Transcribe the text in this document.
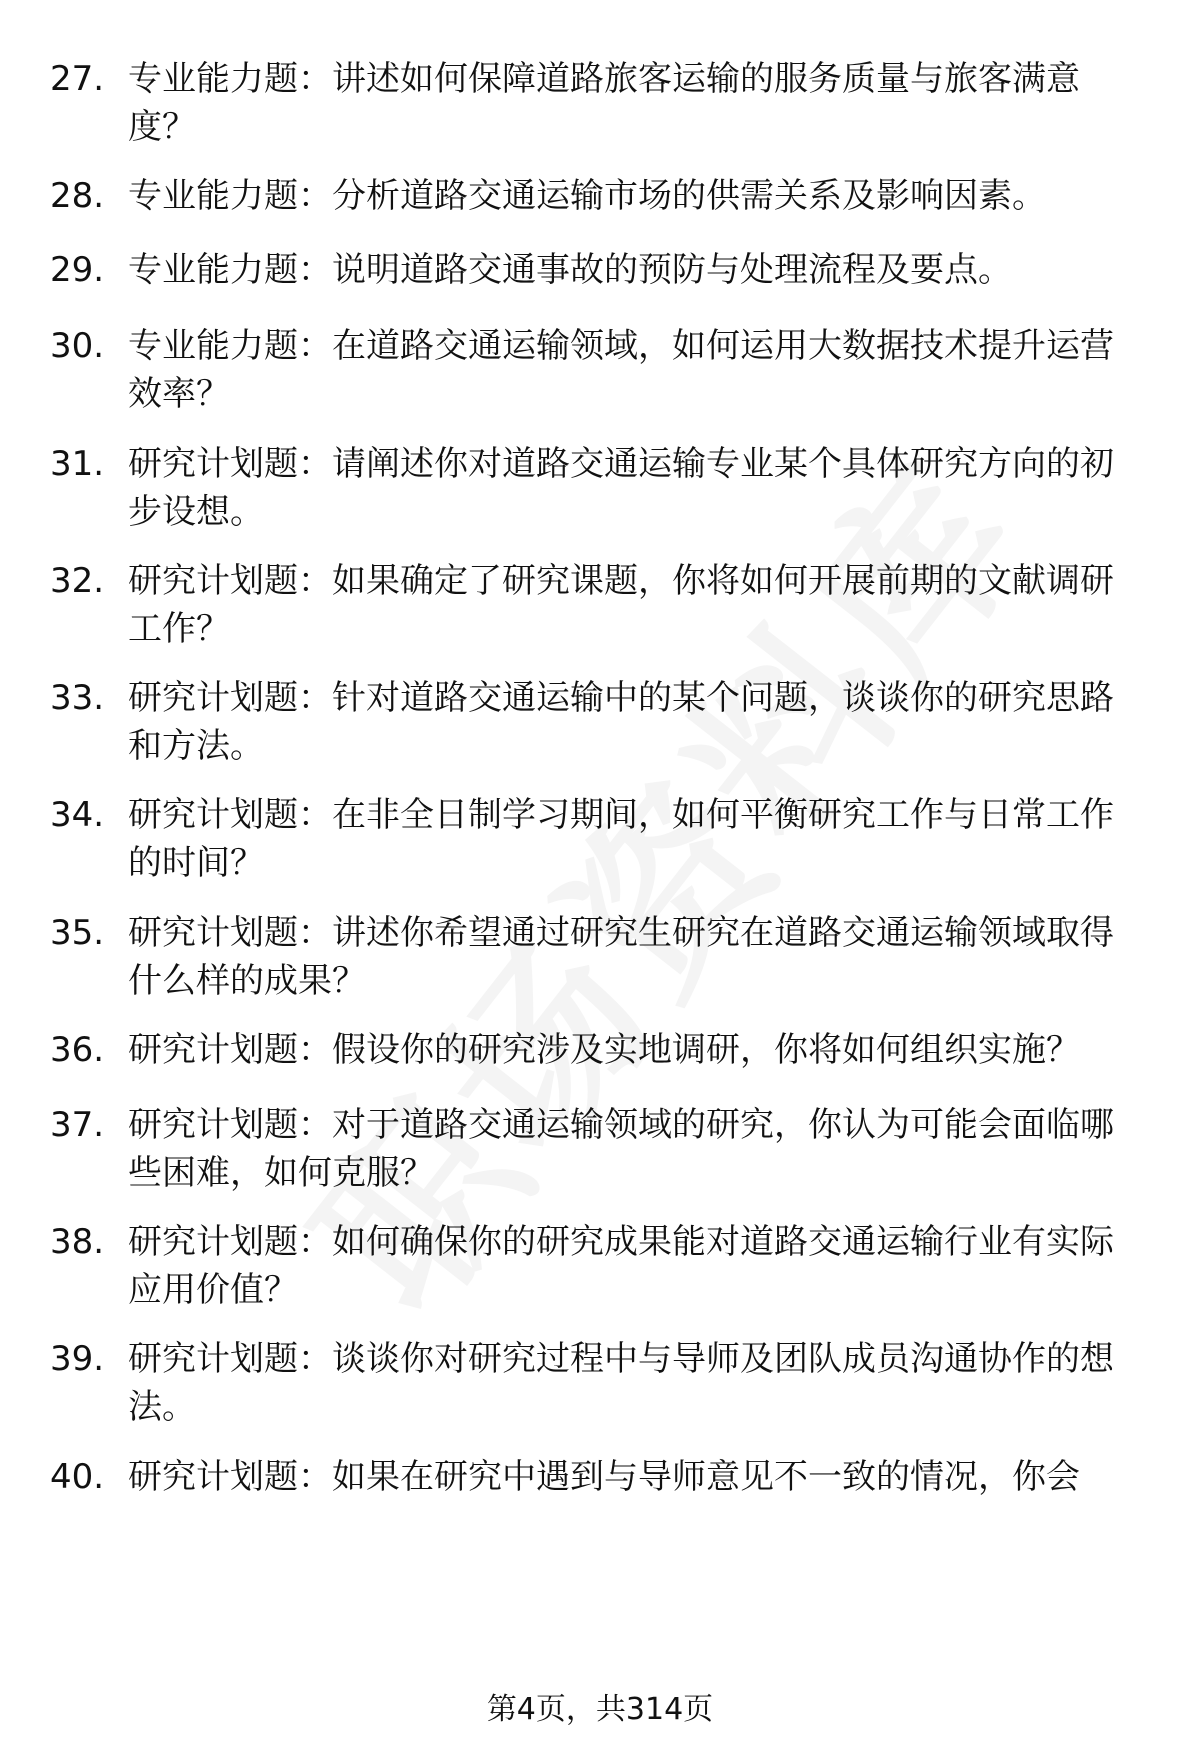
27. 专业能力题：讲述如何保障道路旅客运输的服务质量与旅客满意度？
28. 专业能力题：分析道路交通运输市场的供需关系及影响因素。
29. 专业能力题：说明道路交通事故的预防与处理流程及要点。
30. 专业能力题：在道路交通运输领域，如何运用大数据技术提升运营效率？
31. 研究计划题：请阐述你对道路交通运输专业某个具体研究方向的初步设想。
32. 研究计划题：如果确定了研究课题，你将如何开展前期的文献调研工作？
33. 研究计划题：针对道路交通运输中的某个问题，谈谈你的研究思路和方法。
34. 研究计划题：在非全日制学习期间，如何平衡研究工作与日常工作的时间？
35. 研究计划题：讲述你希望通过研究生研究在道路交通运输领域取得什么样的成果？
36. 研究计划题：假设你的研究涉及实地调研，你将如何组织实施？
37. 研究计划题：对于道路交通运输领域的研究，你认为可能会面临哪些困难，如何克服？
38. 研究计划题：如何确保你的研究成果能对道路交通运输行业有实际应用价值？
39. 研究计划题：谈谈你对研究过程中与导师及团队成员沟通协作的想法。
40. 研究计划题：如果在研究中遇到与导师意见不一致的情况，你会
第4页，共314页
